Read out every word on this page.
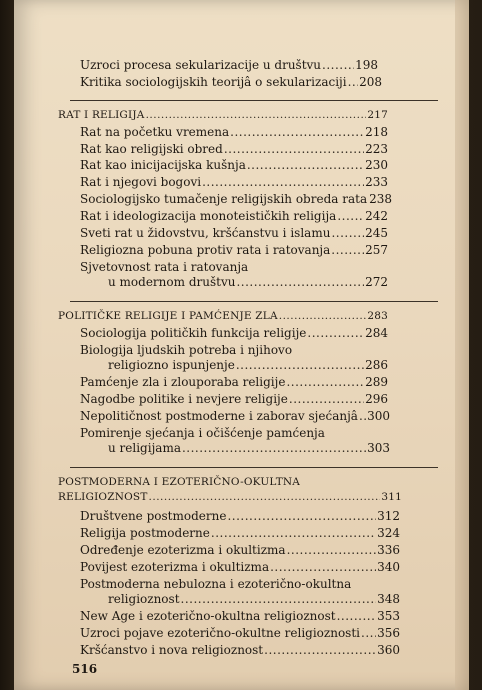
Uzroci procesa sekularizacije u društvu .....	198
Kritika sociologijskih teorijâ o sekularizaciji ..... 208
RAT I RELIGIJA .....	217
Rat na početku vremena .....	218
Rat kao religijski obred .....	223
Rat kao inicijacijska kušnja .....	230
Rat i njegovi bogovi .....	233
Sociologijsko tumačenje religijskih obreda rata 238
Rat i ideologizacija monoteističkih religija ..... 242
Sveti rat u židovstvu, kršćanstvu i islamu .....	245
Religiozna pobuna protiv rata i ratovanja .....	257
Sjvetovnost rata i ratovanja
u modernom društvu .....	272
POLITIČKE RELIGIJE I PAMĆENJE ZLA .....	283
Sociologija političkih funkcija religije .....	284
Biologija ljudskih potreba i njihovo
religiozno ispunjenje .....	286
Pamćenje zla i zlouporaba religije .....	289
Nagodbe politike i nevjere religije .....	296
Nepolitičnost postmoderne i zaborav sjećanjâ ..... 300
Pomirenje sjećanja i očišćenje pamćenja
u religijama .....	303
POSTMODERNA I EZOTERIČNO-OKULTNA
RELIGIOZNOST .....	311
Društvene postmoderne .....	312
Religija postmoderne .....	324
Određenje ezoterizma i okultizma .....	336
Povijest ezoterizma i okultizma .....	340
Postmoderna nebulozna i ezoterično-okultna
religioznost .....	348
New Age i ezoterično-okultna religioznost .....	353
Uzroci pojave ezoterično-okultne religioznosti ..... 356
Kršćanstvo i nova religioznost .....	360
516
